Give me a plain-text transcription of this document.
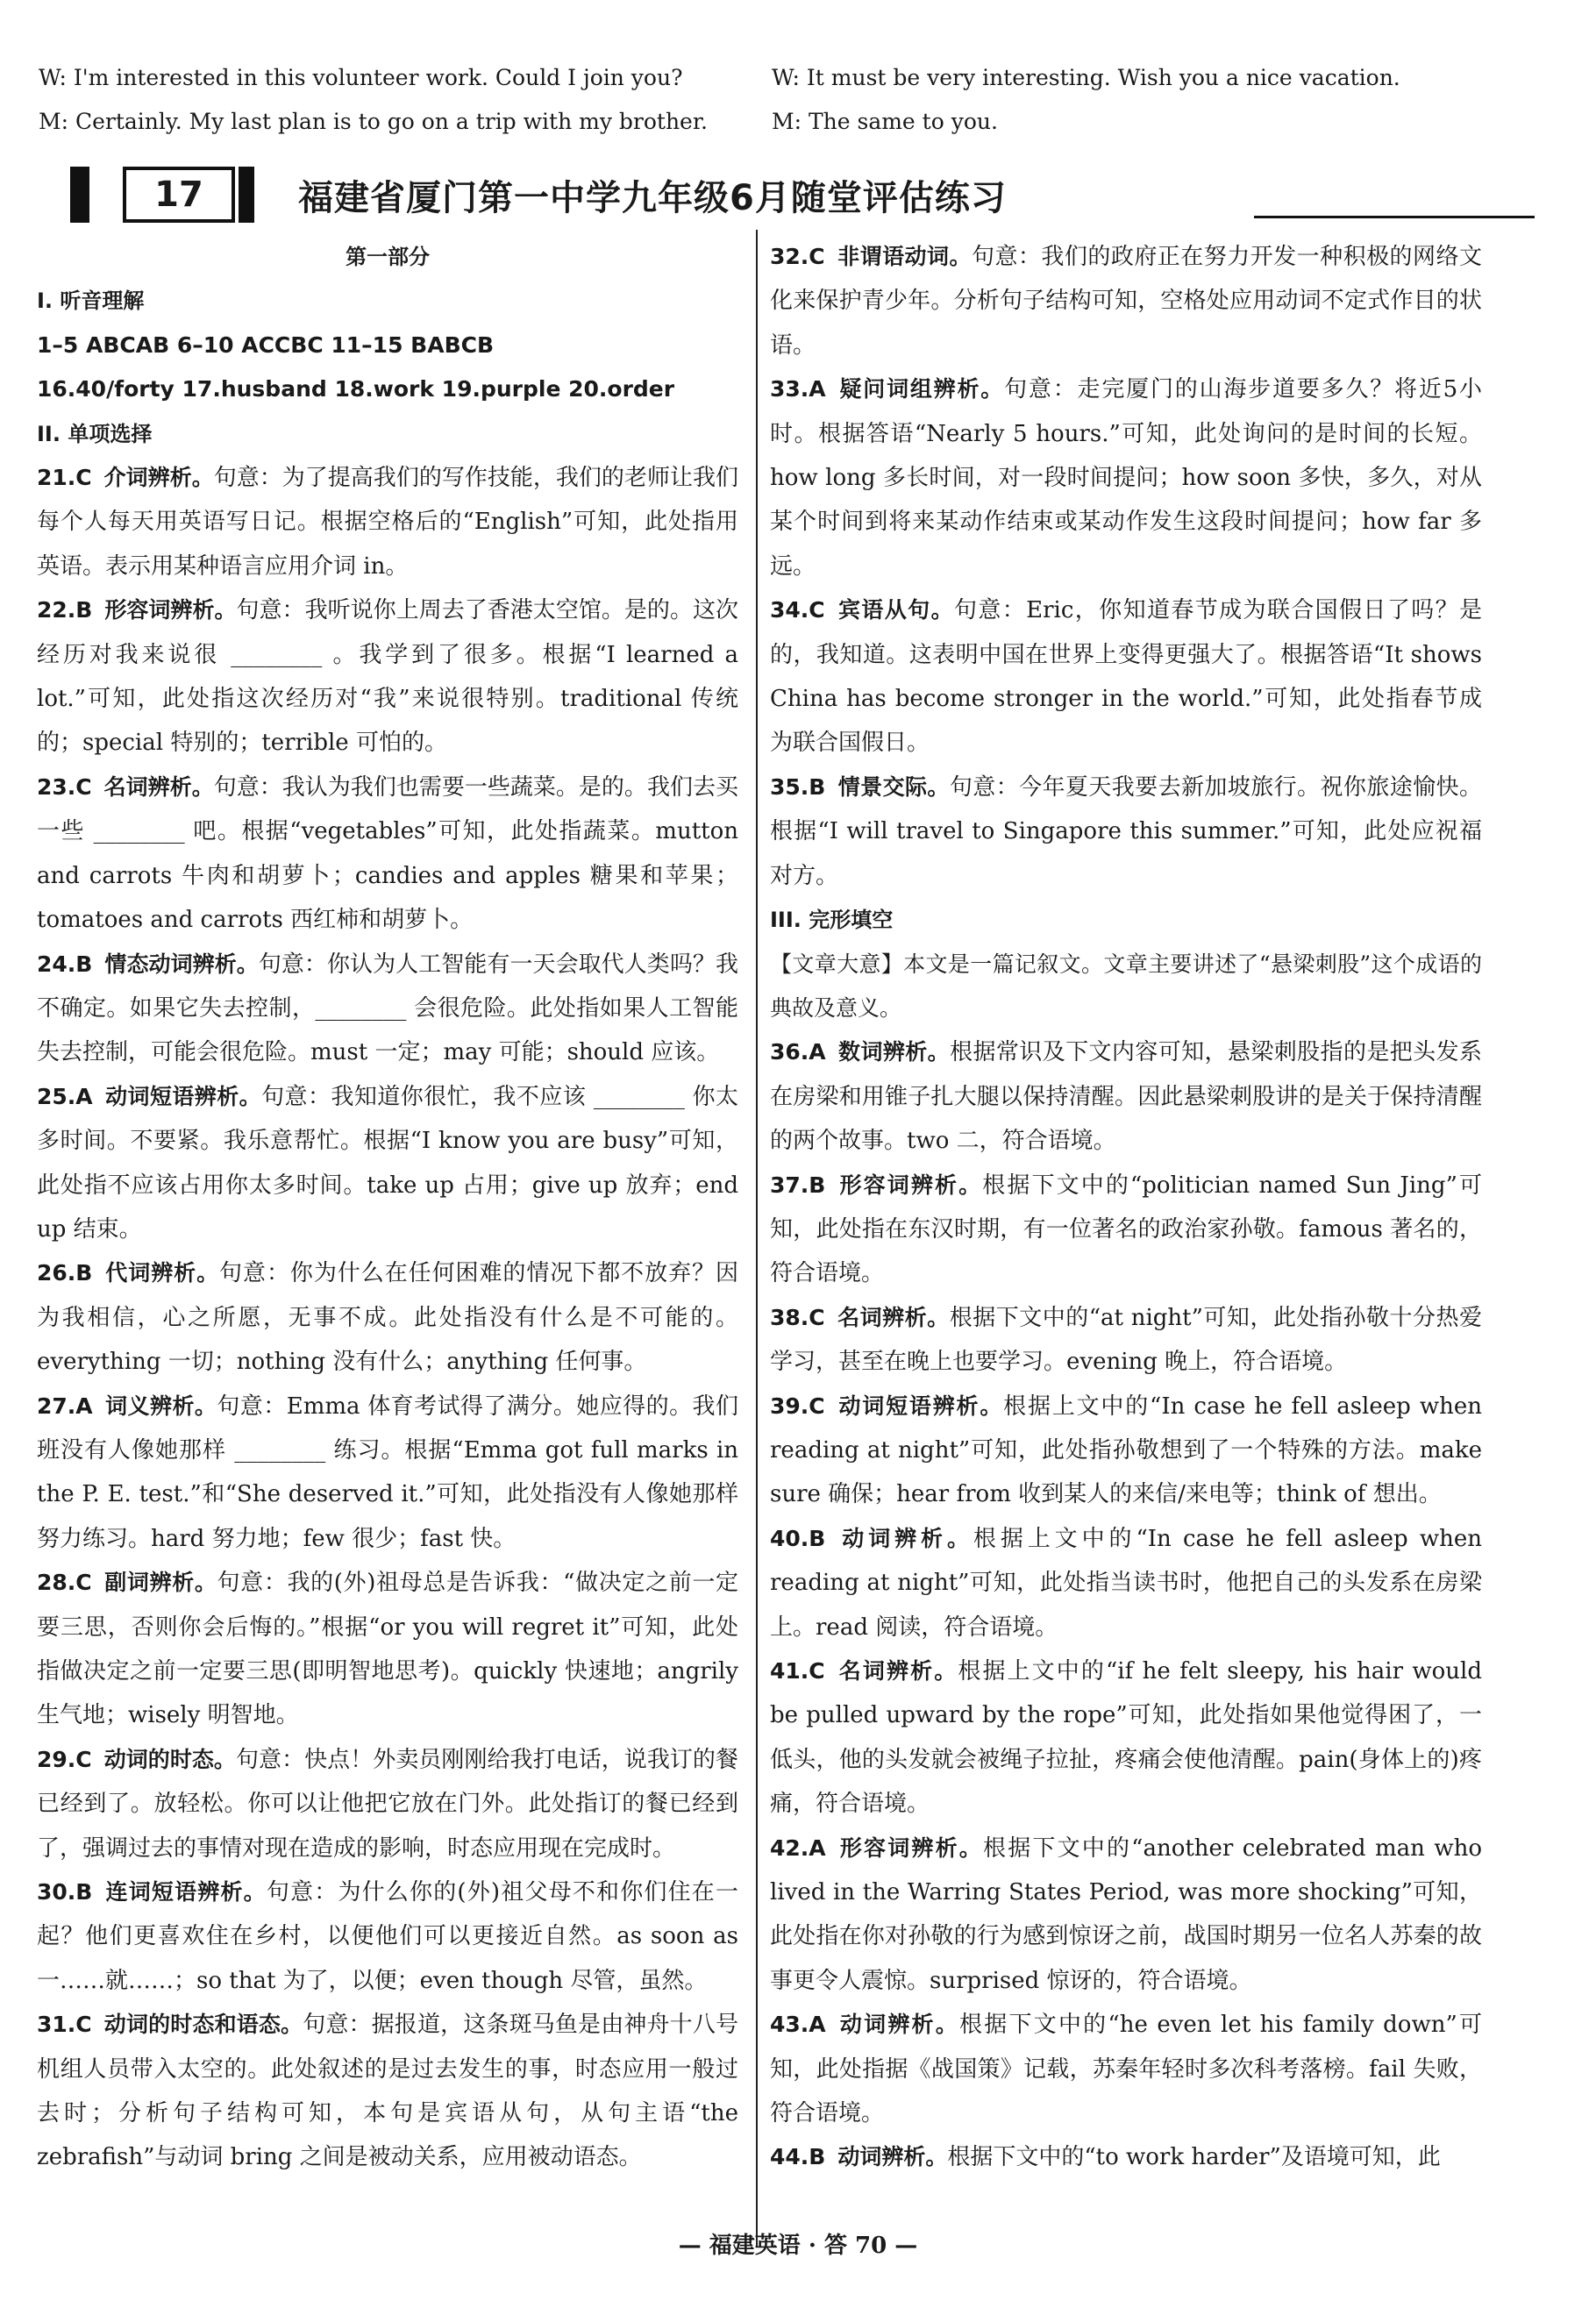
W: I'm interested in this volunteer work. Could I join you?
M: Certainly. My last plan is to go on a trip with my brother.
W: It must be very interesting. Wish you a nice vacation.
M: The same to you.
17	福建省厦门第一中学九年级6月随堂评估练习

第一部分

I. 听音理解

1–5 ABCAB 6–10 ACCBC 11–15 BABCB

16.40/forty 17.husband 18.work 19.purple 20.order

II. 单项选择

21.C 介词辨析。句意：为了提高我们的写作技能，我们的老师让我们每个人每天用英语写日记。根据空格后的“English”可知，此处指用英语。表示用某种语言应用介词 in。

22.B 形容词辨析。句意：我听说你上周去了香港太空馆。是的。这次经历对我来说很 ________ 。我学到了很多。根据“I learned a lot.”可知，此处指这次经历对“我”来说很特别。traditional 传统的；special 特别的；terrible 可怕的。

23.C 名词辨析。句意：我认为我们也需要一些蔬菜。是的。我们去买一些 ________ 吧。根据“vegetables”可知，此处指蔬菜。mutton and carrots 牛肉和胡萝卜；candies and apples 糖果和苹果；tomatoes and carrots 西红柿和胡萝卜。

24.B 情态动词辨析。句意：你认为人工智能有一天会取代人类吗？我不确定。如果它失去控制，________ 会很危险。此处指如果人工智能失去控制，可能会很危险。must 一定；may 可能；should 应该。

25.A 动词短语辨析。句意：我知道你很忙，我不应该 ________ 你太多时间。不要紧。我乐意帮忙。根据“I know you are busy”可知，此处指不应该占用你太多时间。take up 占用；give up 放弃；end up 结束。

26.B 代词辨析。句意：你为什么在任何困难的情况下都不放弃？因为我相信，心之所愿，无事不成。此处指没有什么是不可能的。everything 一切；nothing 没有什么；anything 任何事。

27.A 词义辨析。句意：Emma 体育考试得了满分。她应得的。我们班没有人像她那样 ________ 练习。根据“Emma got full marks in the P. E. test.”和“She deserved it.”可知，此处指没有人像她那样努力练习。hard 努力地；few 很少；fast 快。

28.C 副词辨析。句意：我的(外)祖母总是告诉我：“做决定之前一定要三思，否则你会后悔的。”根据“or you will regret it”可知，此处指做决定之前一定要三思(即明智地思考)。quickly 快速地；angrily 生气地；wisely 明智地。

29.C 动词的时态。句意：快点！外卖员刚刚给我打电话，说我订的餐已经到了。放轻松。你可以让他把它放在门外。此处指订的餐已经到了，强调过去的事情对现在造成的影响，时态应用现在完成时。

30.B 连词短语辨析。句意：为什么你的(外)祖父母不和你们住在一起？他们更喜欢住在乡村，以便他们可以更接近自然。as soon as 一……就……；so that 为了，以便；even though 尽管，虽然。

31.C 动词的时态和语态。句意：据报道，这条斑马鱼是由神舟十八号机组人员带入太空的。此处叙述的是过去发生的事，时态应用一般过去时；分析句子结构可知，本句是宾语从句，从句主语“the zebrafish”与动词 bring 之间是被动关系，应用被动语态。

32.C 非谓语动词。句意：我们的政府正在努力开发一种积极的网络文化来保护青少年。分析句子结构可知，空格处应用动词不定式作目的状语。

33.A 疑问词组辨析。句意：走完厦门的山海步道要多久？将近5小时。根据答语“Nearly 5 hours.”可知，此处询问的是时间的长短。how long 多长时间，对一段时间提问；how soon 多快，多久，对从某个时间到将来某动作结束或某动作发生这段时间提问；how far 多远。

34.C 宾语从句。句意：Eric，你知道春节成为联合国假日了吗？是的，我知道。这表明中国在世界上变得更强大了。根据答语“It shows China has become stronger in the world.”可知，此处指春节成为联合国假日。

35.B 情景交际。句意：今年夏天我要去新加坡旅行。祝你旅途愉快。根据“I will travel to Singapore this summer.”可知，此处应祝福对方。

III. 完形填空

【文章大意】本文是一篇记叙文。文章主要讲述了“悬梁刺股”这个成语的典故及意义。

36.A 数词辨析。根据常识及下文内容可知，悬梁刺股指的是把头发系在房梁和用锥子扎大腿以保持清醒。因此悬梁刺股讲的是关于保持清醒的两个故事。two 二，符合语境。

37.B 形容词辨析。根据下文中的“politician named Sun Jing”可知，此处指在东汉时期，有一位著名的政治家孙敬。famous 著名的，符合语境。

38.C 名词辨析。根据下文中的“at night”可知，此处指孙敬十分热爱学习，甚至在晚上也要学习。evening 晚上，符合语境。

39.C 动词短语辨析。根据上文中的“In case he fell asleep when reading at night”可知，此处指孙敬想到了一个特殊的方法。make sure 确保；hear from 收到某人的来信/来电等；think of 想出。

40.B 动词辨析。根据上文中的“In case he fell asleep when reading at night”可知，此处指当读书时，他把自己的头发系在房梁上。read 阅读，符合语境。

41.C 名词辨析。根据上文中的“if he felt sleepy, his hair would be pulled upward by the rope”可知，此处指如果他觉得困了，一低头，他的头发就会被绳子拉扯，疼痛会使他清醒。pain(身体上的)疼痛，符合语境。

42.A 形容词辨析。根据下文中的“another celebrated man who lived in the Warring States Period, was more shocking”可知，此处指在你对孙敬的行为感到惊讶之前，战国时期另一位名人苏秦的故事更令人震惊。surprised 惊讶的，符合语境。

43.A 动词辨析。根据下文中的“he even let his family down”可知，此处指据《战国策》记载，苏秦年轻时多次科考落榜。fail 失败，符合语境。

44.B 动词辨析。根据下文中的“to work harder”及语境可知，此

— 福建英语 · 答 70 —
